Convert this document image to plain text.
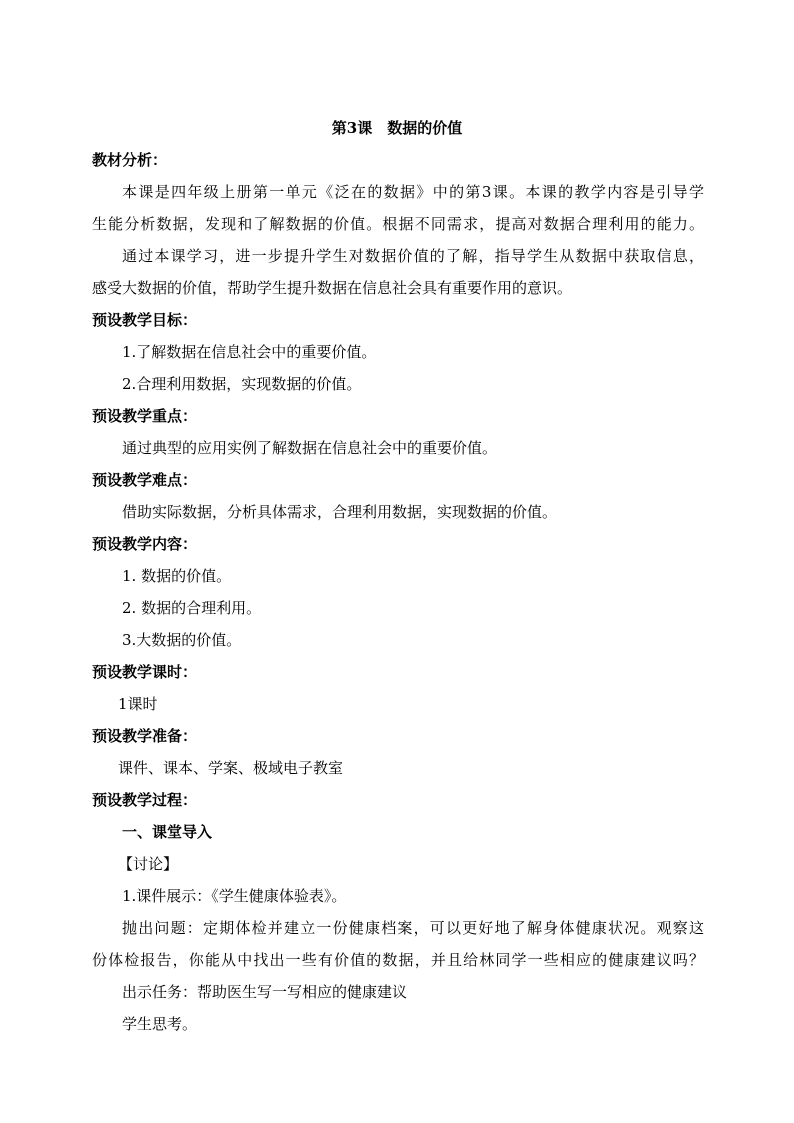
第3课　数据的价值
教材分析：
本课是四年级上册第一单元《泛在的数据》中的第3课。本课的教学内容是引导学
生能分析数据，发现和了解数据的价值。根据不同需求，提高对数据合理利用的能力。
通过本课学习，进一步提升学生对数据价值的了解，指导学生从数据中获取信息，
感受大数据的价值，帮助学生提升数据在信息社会具有重要作用的意识。
预设教学目标：
1.了解数据在信息社会中的重要价值。
2.合理利用数据，实现数据的价值。
预设教学重点：
通过典型的应用实例了解数据在信息社会中的重要价值。
预设教学难点：
借助实际数据，分析具体需求，合理利用数据，实现数据的价值。
预设教学内容：
1. 数据的价值。
2. 数据的合理利用。
3.大数据的价值。
预设教学课时：
1课时
预设教学准备：
课件、课本、学案、极域电子教室
预设教学过程：
一、课堂导入
【讨论】
1.课件展示：《学生健康体验表》。
抛出问题：定期体检并建立一份健康档案，可以更好地了解身体健康状况。观察这
份体检报告，你能从中找出一些有价值的数据，并且给林同学一些相应的健康建议吗？
出示任务：帮助医生写一写相应的健康建议
学生思考。
